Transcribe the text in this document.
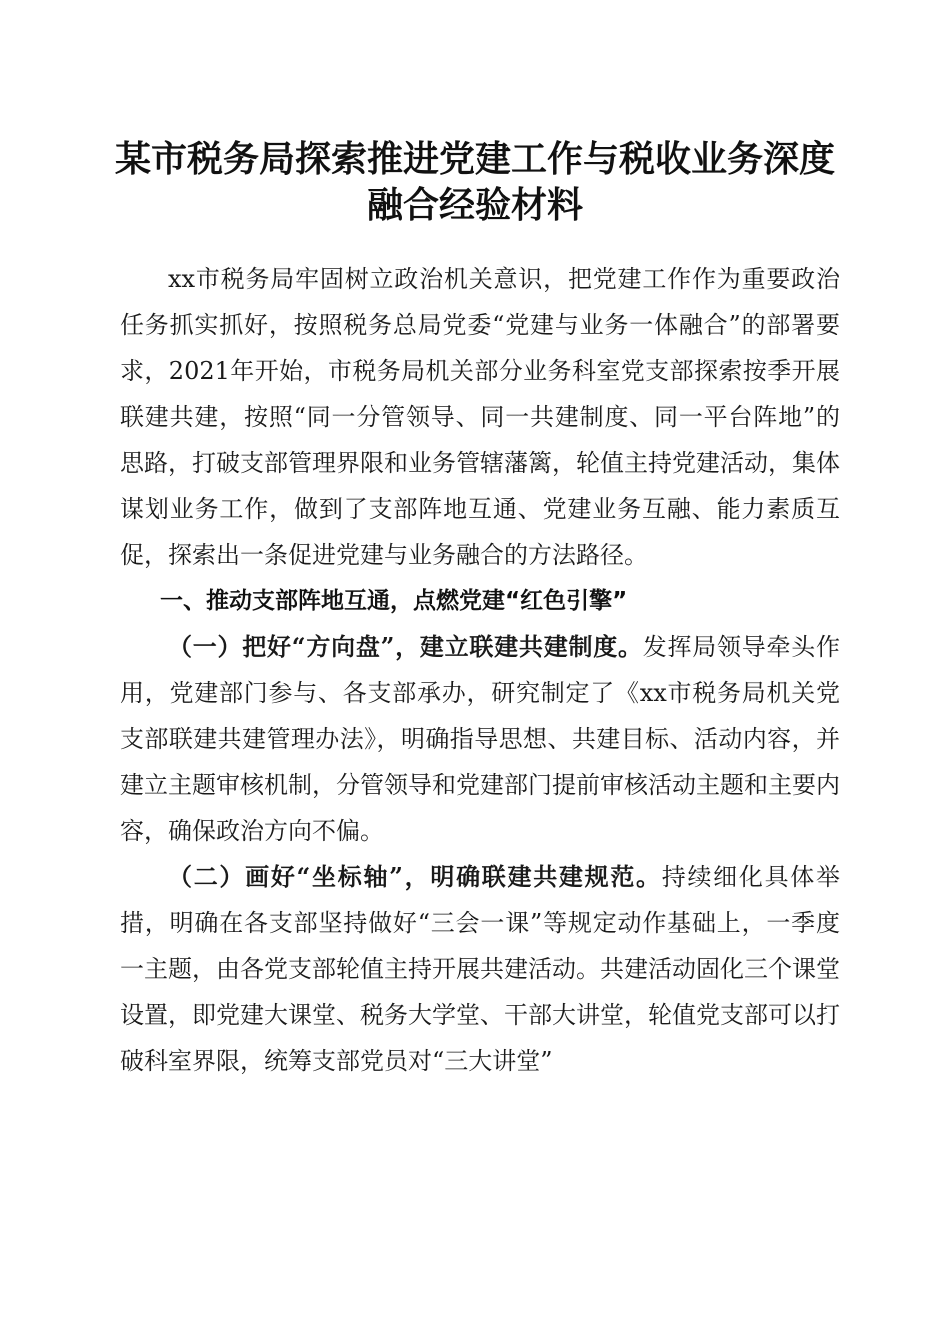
某市税务局探索推进党建工作与税收业务深度
融合经验材料

xx市税务局牢固树立政治机关意识，把党建工作作为重要政治任务抓实抓好，按照税务总局党委“党建与业务一体融合”的部署要求，2021年开始，市税务局机关部分业务科室党支部探索按季开展联建共建，按照“同一分管领导、同一共建制度、同一平台阵地”的思路，打破支部管理界限和业务管辖藩篱，轮值主持党建活动，集体谋划业务工作，做到了支部阵地互通、党建业务互融、能力素质互促，探索出一条促进党建与业务融合的方法路径。

一、推动支部阵地互通，点燃党建“红色引擎”

（一）把好“方向盘”，建立联建共建制度。发挥局领导牵头作用，党建部门参与、各支部承办，研究制定了《xx市税务局机关党支部联建共建管理办法》，明确指导思想、共建目标、活动内容，并建立主题审核机制，分管领导和党建部门提前审核活动主题和主要内容，确保政治方向不偏。

（二）画好“坐标轴”，明确联建共建规范。持续细化具体举措，明确在各支部坚持做好“三会一课”等规定动作基础上，一季度一主题，由各党支部轮值主持开展共建活动。共建活动固化三个课堂设置，即党建大课堂、税务大学堂、干部大讲堂，轮值党支部可以打破科室界限，统筹支部党员对“三大讲堂”
